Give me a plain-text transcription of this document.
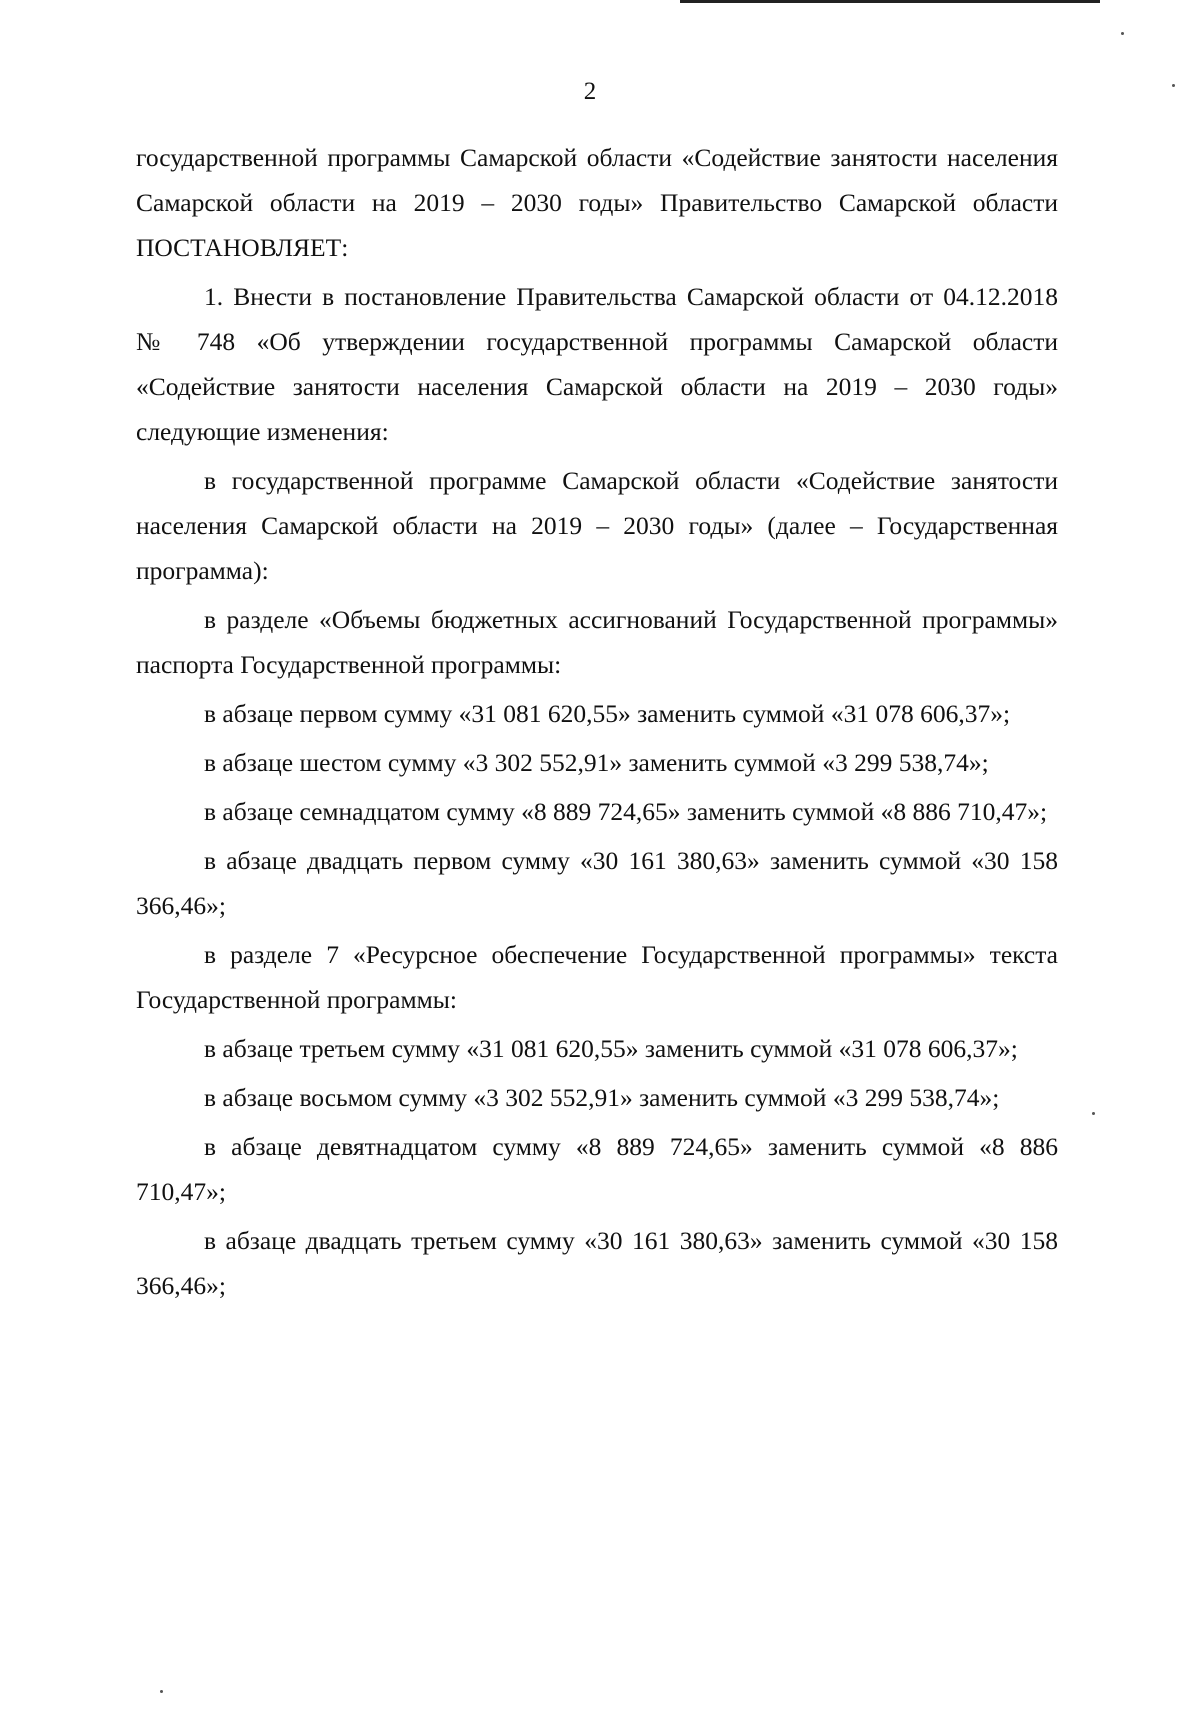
2

государственной программы Самарской области «Содействие занятости населения Самарской области на 2019 – 2030 годы» Правительство Самарской области ПОСТАНОВЛЯЕТ:

1. Внести в постановление Правительства Самарской области от 04.12.2018 № 748 «Об утверждении государственной программы Самарской области «Содействие занятости населения Самарской области на 2019 – 2030 годы» следующие изменения:

в государственной программе Самарской области «Содействие занятости населения Самарской области на 2019 – 2030 годы» (далее – Государственная программа):

в разделе «Объемы бюджетных ассигнований Государственной программы» паспорта Государственной программы:

в абзаце первом сумму «31 081 620,55» заменить суммой «31 078 606,37»;

в абзаце шестом сумму «3 302 552,91» заменить суммой «3 299 538,74»;

в абзаце семнадцатом сумму «8 889 724,65» заменить суммой «8 886 710,47»;

в абзаце двадцать первом сумму «30 161 380,63» заменить суммой «30 158 366,46»;

в разделе 7 «Ресурсное обеспечение Государственной программы» текста Государственной программы:

в абзаце третьем сумму «31 081 620,55» заменить суммой «31 078 606,37»;

в абзаце восьмом сумму «3 302 552,91» заменить суммой «3 299 538,74»;

в абзаце девятнадцатом сумму «8 889 724,65» заменить суммой «8 886 710,47»;

в абзаце двадцать третьем сумму «30 161 380,63» заменить суммой «30 158 366,46»;
